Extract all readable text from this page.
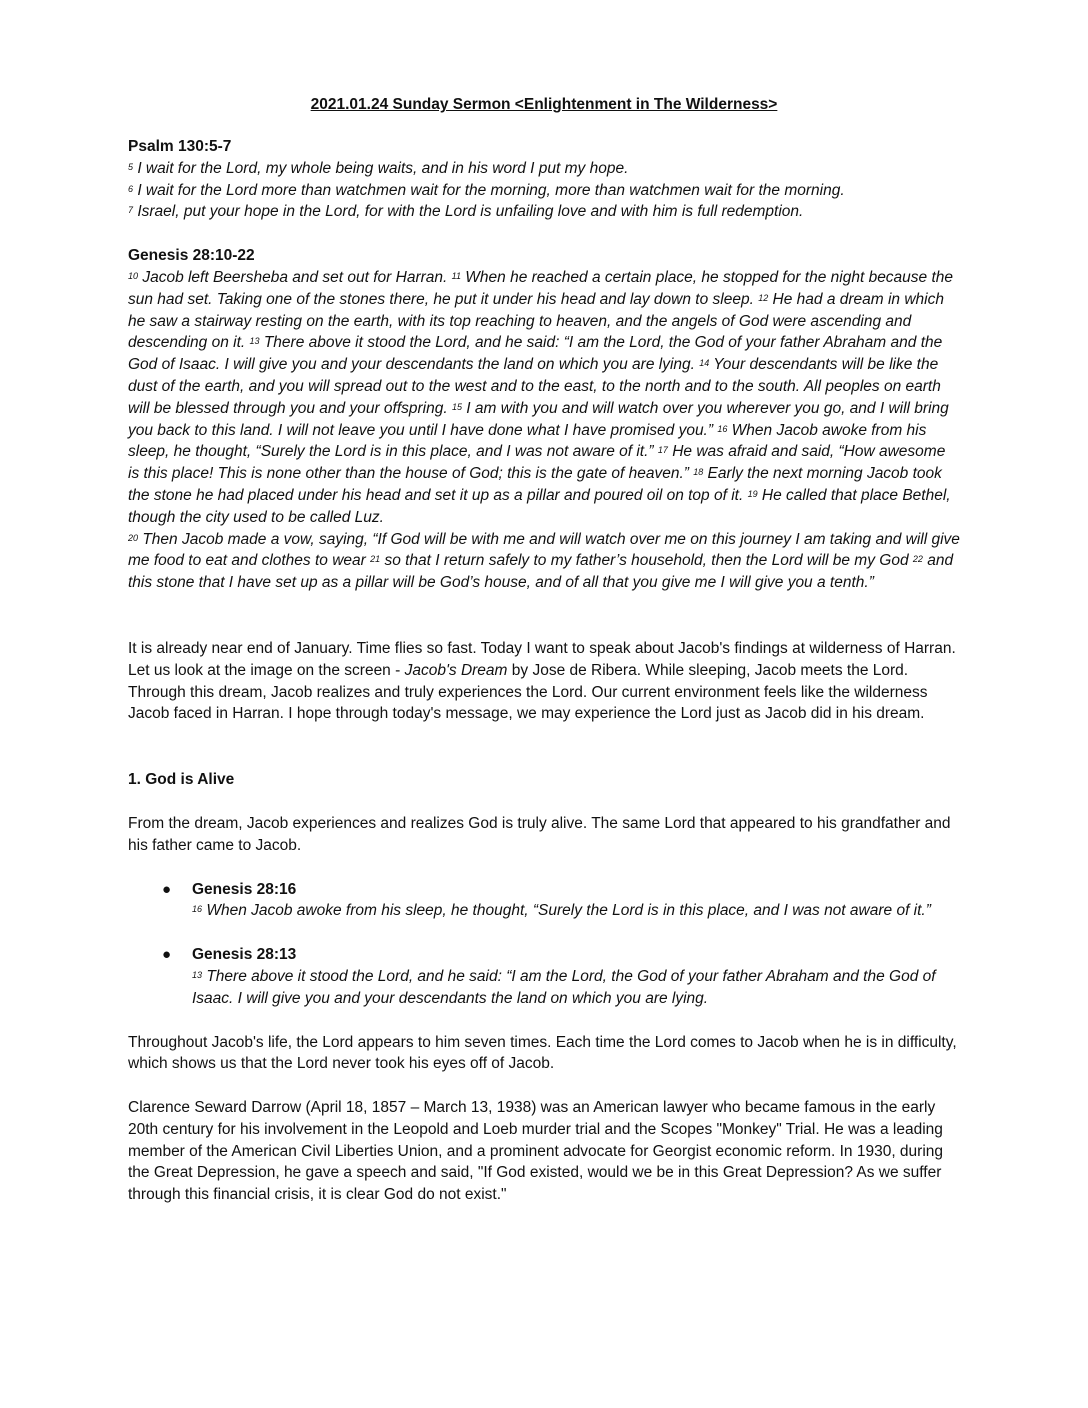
2021.01.24 Sunday Sermon <Enlightenment in The Wilderness>
Psalm 130:5-7
$^5$ I wait for the Lord, my whole being waits, and in his word I put my hope.
$^6$ I wait for the Lord more than watchmen wait for the morning, more than watchmen wait for the morning.
$^7$ Israel, put your hope in the Lord, for with the Lord is unfailing love and with him is full redemption.
Genesis 28:10-22

$^{10}$ Jacob left Beersheba and set out for Harran. $^{11}$ When he reached a certain place, he stopped for the night because the sun had set. Taking one of the stones there, he put it under his head and lay down to sleep. $^{12}$ He had a dream in which he saw a stairway resting on the earth, with its top reaching to heaven, and the angels of God were ascending and descending on it. $^{13}$ There above it stood the Lord, and he said: “I am the Lord, the God of your father Abraham and the God of Isaac. I will give you and your descendants the land on which you are lying. $^{14}$ Your descendants will be like the dust of the earth, and you will spread out to the west and to the east, to the north and to the south. All peoples on earth will be blessed through you and your offspring. $^{15}$ I am with you and will watch over you wherever you go, and I will bring you back to this land. I will not leave you until I have done what I have promised you.” $^{16}$ When Jacob awoke from his sleep, he thought, “Surely the Lord is in this place, and I was not aware of it.” $^{17}$ He was afraid and said, “How awesome is this place! This is none other than the house of God; this is the gate of heaven.” $^{18}$ Early the next morning Jacob took the stone he had placed under his head and set it up as a pillar and poured oil on top of it. $^{19}$ He called that place Bethel, though the city used to be called Luz.

$^{20}$ Then Jacob made a vow, saying, “If God will be with me and will watch over me on this journey I am taking and will give me food to eat and clothes to wear $^{21}$ so that I return safely to my father’s household, then the Lord will be my God $^{22}$ and this stone that I have set up as a pillar will be God’s house, and of all that you give me I will give you a tenth.”

It is already near end of January. Time flies so fast. Today I want to speak about Jacob's findings at wilderness of Harran. Let us look at the image on the screen - Jacob's Dream by Jose de Ribera. While sleeping, Jacob meets the Lord. Through this dream, Jacob realizes and truly experiences the Lord. Our current environment feels like the wilderness Jacob faced in Harran. I hope through today's message, we may experience the Lord just as Jacob did in his dream.

1. God is Alive

From the dream, Jacob experiences and realizes God is truly alive. The same Lord that appeared to his grandfather and his father came to Jacob.

● Genesis 28:16
$^{16}$ When Jacob awoke from his sleep, he thought, “Surely the Lord is in this place, and I was not aware of it.”
● Genesis 28:13
$^{13}$ There above it stood the Lord, and he said: “I am the Lord, the God of your father Abraham and the God of Isaac. I will give you and your descendants the land on which you are lying.

Throughout Jacob's life, the Lord appears to him seven times. Each time the Lord comes to Jacob when he is in difficulty, which shows us that the Lord never took his eyes off of Jacob.

Clarence Seward Darrow (April 18, 1857 – March 13, 1938) was an American lawyer who became famous in the early 20th century for his involvement in the Leopold and Loeb murder trial and the Scopes "Monkey" Trial. He was a leading member of the American Civil Liberties Union, and a prominent advocate for Georgist economic reform. In 1930, during the Great Depression, he gave a speech and said, "If God existed, would we be in this Great Depression? As we suffer through this financial crisis, it is clear God do not exist."
